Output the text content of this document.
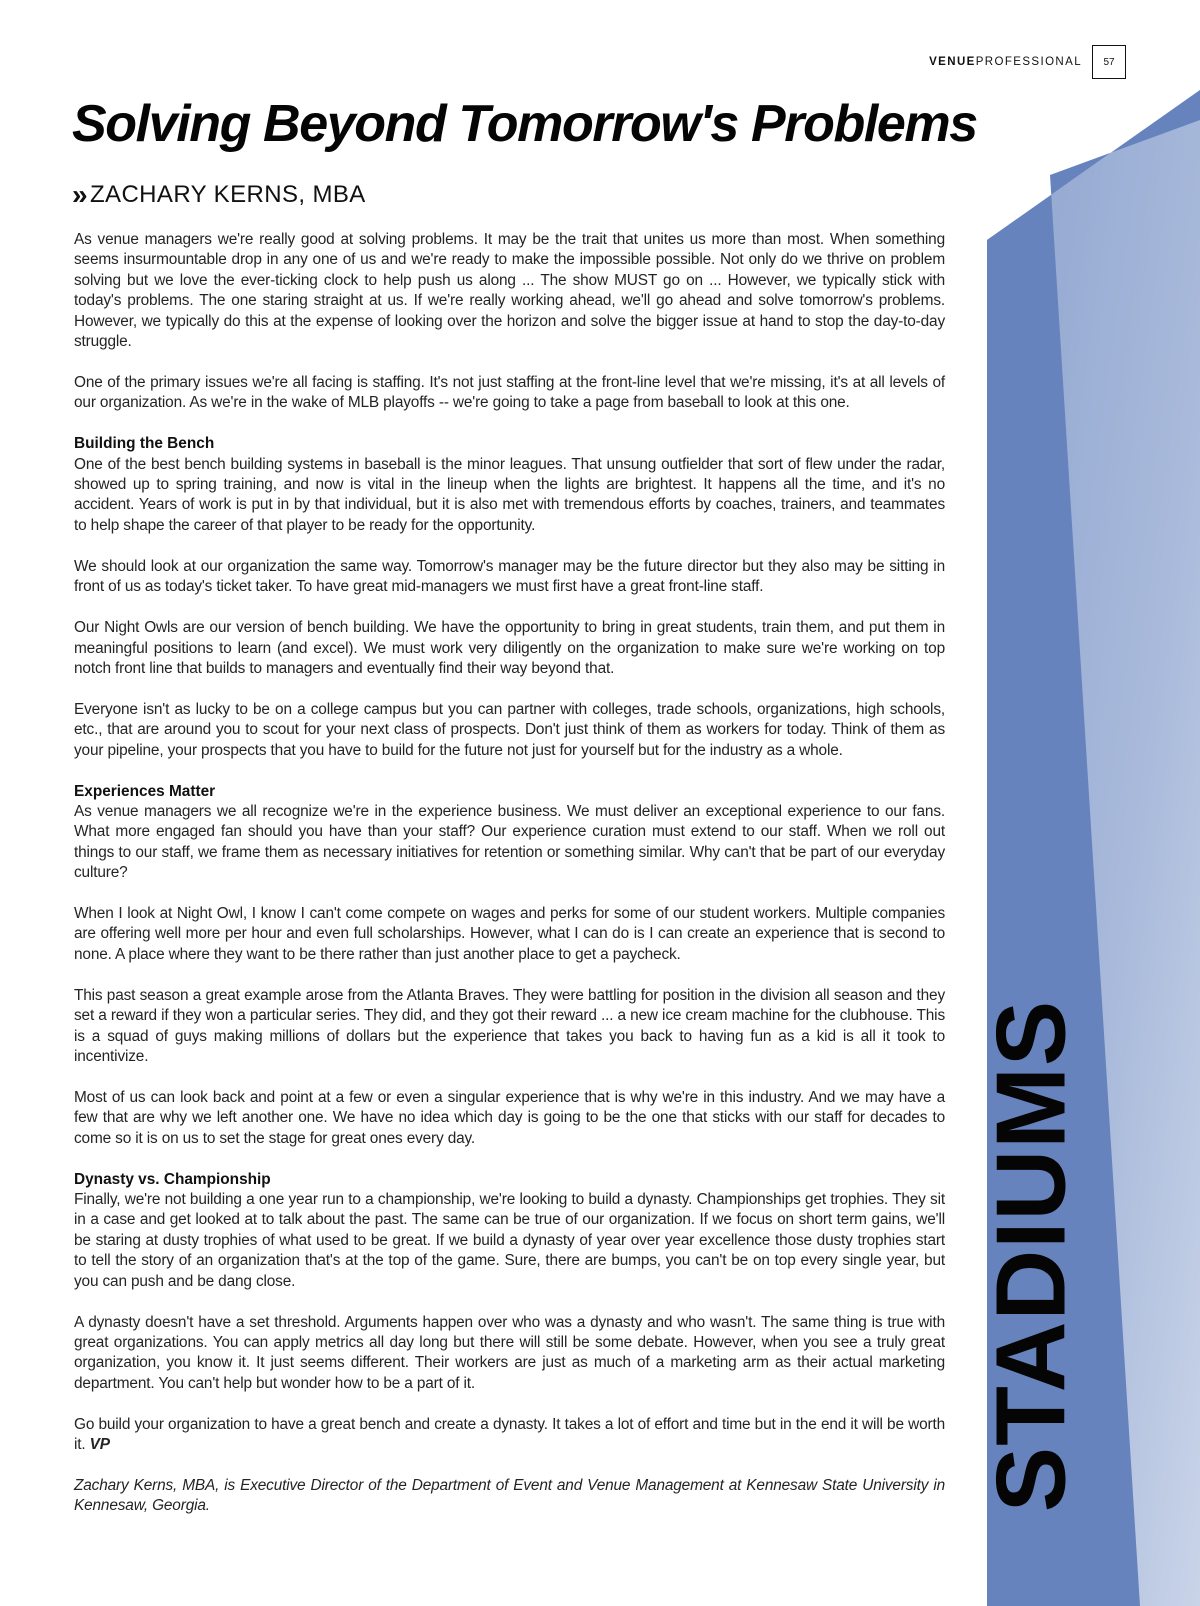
VENUEPROFESSIONAL	57
Solving Beyond Tomorrow's Problems
» ZACHARY KERNS, MBA

As venue managers we're really good at solving problems. It may be the trait that unites us more than most. When something seems insurmountable drop in any one of us and we're ready to make the impossible possible. Not only do we thrive on problem solving but we love the ever-ticking clock to help push us along ... The show MUST go on ... However, we typically stick with today's problems. The one staring straight at us. If we're really working ahead, we'll go ahead and solve tomorrow's problems. However, we typically do this at the expense of looking over the horizon and solve the bigger issue at hand to stop the day-to-day struggle.

One of the primary issues we're all facing is staffing. It's not just staffing at the front-line level that we're missing, it's at all levels of our organization. As we're in the wake of MLB playoffs -- we're going to take a page from baseball to look at this one.

Building the Bench

One of the best bench building systems in baseball is the minor leagues. That unsung outfielder that sort of flew under the radar, showed up to spring training, and now is vital in the lineup when the lights are brightest. It happens all the time, and it's no accident. Years of work is put in by that individual, but it is also met with tremendous efforts by coaches, trainers, and teammates to help shape the career of that player to be ready for the opportunity.

We should look at our organization the same way. Tomorrow's manager may be the future director but they also may be sitting in front of us as today's ticket taker. To have great mid-managers we must first have a great front-line staff.

Our Night Owls are our version of bench building. We have the opportunity to bring in great students, train them, and put them in meaningful positions to learn (and excel). We must work very diligently on the organization to make sure we're working on top notch front line that builds to managers and eventually find their way beyond that.

Everyone isn't as lucky to be on a college campus but you can partner with colleges, trade schools, organizations, high schools, etc., that are around you to scout for your next class of prospects. Don't just think of them as workers for today. Think of them as your pipeline, your prospects that you have to build for the future not just for yourself but for the industry as a whole.

Experiences Matter

As venue managers we all recognize we're in the experience business. We must deliver an exceptional experience to our fans. What more engaged fan should you have than your staff? Our experience curation must extend to our staff. When we roll out things to our staff, we frame them as necessary initiatives for retention or something similar. Why can't that be part of our everyday culture?

When I look at Night Owl, I know I can't come compete on wages and perks for some of our student workers. Multiple companies are offering well more per hour and even full scholarships. However, what I can do is I can create an experience that is second to none. A place where they want to be there rather than just another place to get a paycheck.

This past season a great example arose from the Atlanta Braves. They were battling for position in the division all season and they set a reward if they won a particular series. They did, and they got their reward ... a new ice cream machine for the clubhouse. This is a squad of guys making millions of dollars but the experience that takes you back to having fun as a kid is all it took to incentivize.

Most of us can look back and point at a few or even a singular experience that is why we're in this industry. And we may have a few that are why we left another one. We have no idea which day is going to be the one that sticks with our staff for decades to come so it is on us to set the stage for great ones every day.

Dynasty vs. Championship

Finally, we're not building a one year run to a championship, we're looking to build a dynasty. Championships get trophies. They sit in a case and get looked at to talk about the past. The same can be true of our organization. If we focus on short term gains, we'll be staring at dusty trophies of what used to be great. If we build a dynasty of year over year excellence those dusty trophies start to tell the story of an organization that's at the top of the game. Sure, there are bumps, you can't be on top every single year, but you can push and be dang close.

A dynasty doesn't have a set threshold. Arguments happen over who was a dynasty and who wasn't. The same thing is true with great organizations. You can apply metrics all day long but there will still be some debate. However, when you see a truly great organization, you know it. It just seems different. Their workers are just as much of a marketing arm as their actual marketing department. You can't help but wonder how to be a part of it.

Go build your organization to have a great bench and create a dynasty. It takes a lot of effort and time but in the end it will be worth it. VP

Zachary Kerns, MBA, is Executive Director of the Department of Event and Venue Management at Kennesaw State University in Kennesaw, Georgia.	STADIUMS
